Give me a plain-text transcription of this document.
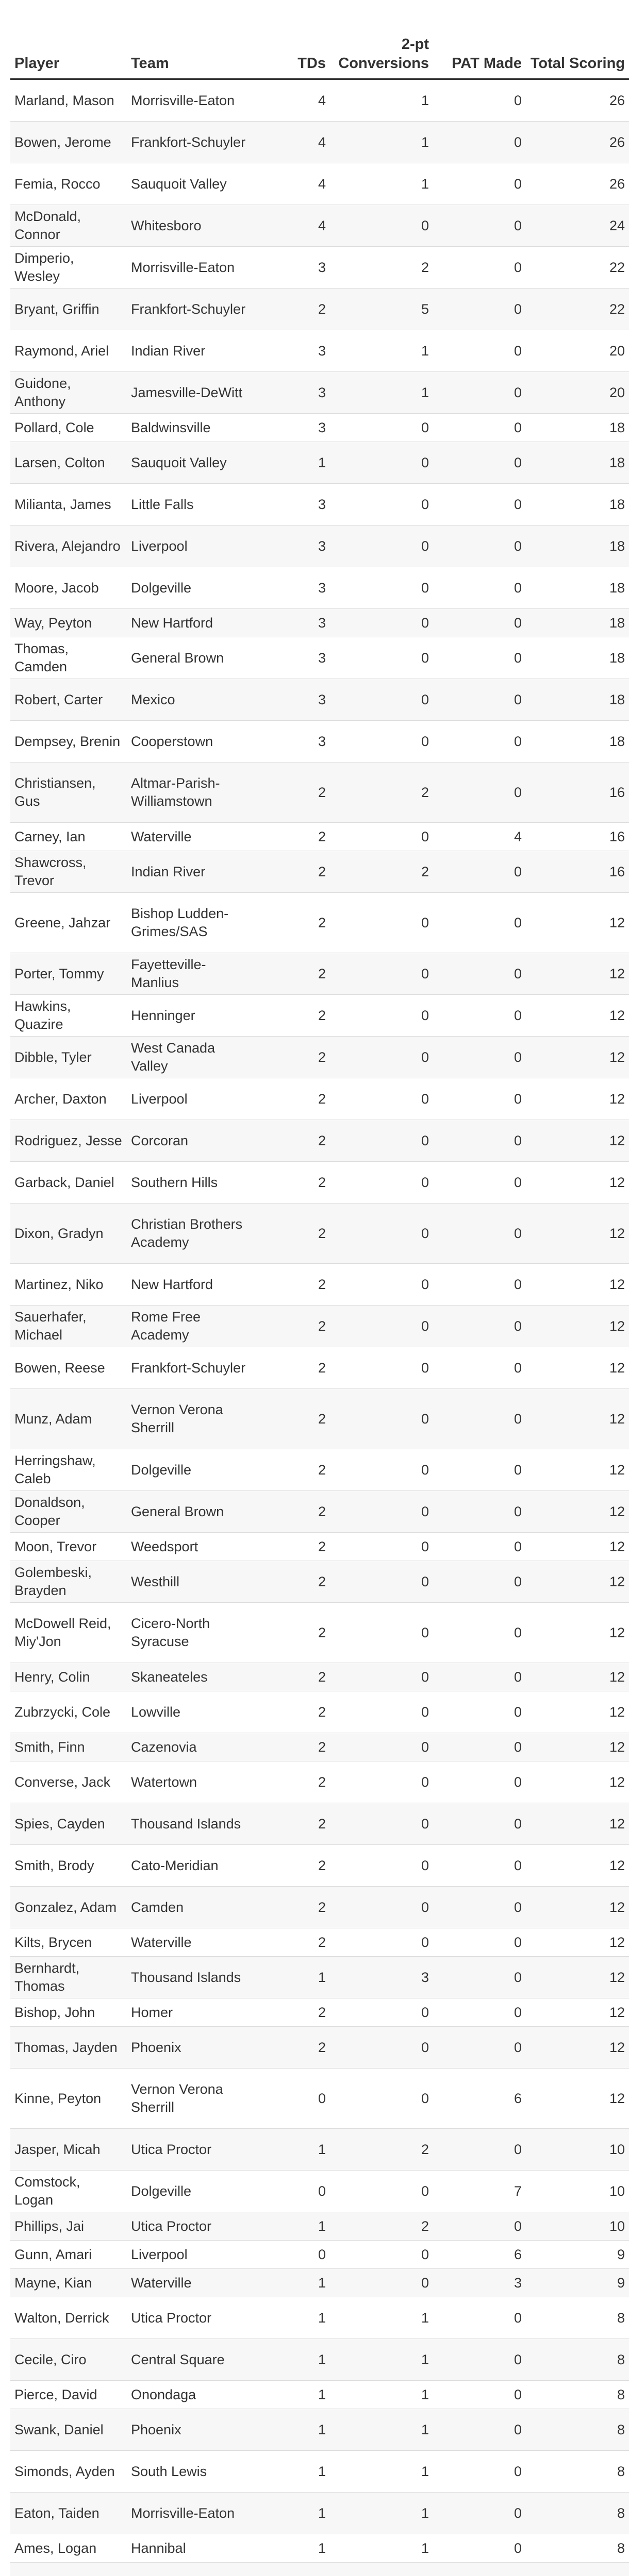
Player	Team	TDs	2-pt Conversions	PAT Made	Total Scoring
Marland, Mason	Morrisville-Eaton	4	1	0	26
Bowen, Jerome	Frankfort-Schuyler	4	1	0	26
Femia, Rocco	Sauquoit Valley	4	1	0	26
McDonald, Connor	Whitesboro	4	0	0	24
Dimperio, Wesley	Morrisville-Eaton	3	2	0	22
Bryant, Griffin	Frankfort-Schuyler	2	5	0	22
Raymond, Ariel	Indian River	3	1	0	20
Guidone, Anthony	Jamesville-DeWitt	3	1	0	20
Pollard, Cole	Baldwinsville	3	0	0	18
Larsen, Colton	Sauquoit Valley	1	0	0	18
Milianta, James	Little Falls	3	0	0	18
Rivera, Alejandro	Liverpool	3	0	0	18
Moore, Jacob	Dolgeville	3	0	0	18
Way, Peyton	New Hartford	3	0	0	18
Thomas, Camden	General Brown	3	0	0	18
Robert, Carter	Mexico	3	0	0	18
Dempsey, Brenin	Cooperstown	3	0	0	18
Christiansen, Gus	Altmar-Parish-Williamstown	2	2	0	16
Carney, Ian	Waterville	2	0	4	16
Shawcross, Trevor	Indian River	2	2	0	16
Greene, Jahzar	Bishop Ludden-Grimes/SAS	2	0	0	12
Porter, Tommy	Fayetteville-Manlius	2	0	0	12
Hawkins, Quazire	Henninger	2	0	0	12
Dibble, Tyler	West Canada Valley	2	0	0	12
Archer, Daxton	Liverpool	2	0	0	12
Rodriguez, Jesse	Corcoran	2	0	0	12
Garback, Daniel	Southern Hills	2	0	0	12
Dixon, Gradyn	Christian Brothers Academy	2	0	0	12
Martinez, Niko	New Hartford	2	0	0	12
Sauerhafer, Michael	Rome Free Academy	2	0	0	12
Bowen, Reese	Frankfort-Schuyler	2	0	0	12
Munz, Adam	Vernon Verona Sherrill	2	0	0	12
Herringshaw, Caleb	Dolgeville	2	0	0	12
Donaldson, Cooper	General Brown	2	0	0	12
Moon, Trevor	Weedsport	2	0	0	12
Golembeski, Brayden	Westhill	2	0	0	12
McDowell Reid, Miy'Jon	Cicero-North Syracuse	2	0	0	12
Henry, Colin	Skaneateles	2	0	0	12
Zubrzycki, Cole	Lowville	2	0	0	12
Smith, Finn	Cazenovia	2	0	0	12
Converse, Jack	Watertown	2	0	0	12
Spies, Cayden	Thousand Islands	2	0	0	12
Smith, Brody	Cato-Meridian	2	0	0	12
Gonzalez, Adam	Camden	2	0	0	12
Kilts, Brycen	Waterville	2	0	0	12
Bernhardt, Thomas	Thousand Islands	1	3	0	12
Bishop, John	Homer	2	0	0	12
Thomas, Jayden	Phoenix	2	0	0	12
Kinne, Peyton	Vernon Verona Sherrill	0	0	6	12
Jasper, Micah	Utica Proctor	1	2	0	10
Comstock, Logan	Dolgeville	0	0	7	10
Phillips, Jai	Utica Proctor	1	2	0	10
Gunn, Amari	Liverpool	0	0	6	9
Mayne, Kian	Waterville	1	0	3	9
Walton, Derrick	Utica Proctor	1	1	0	8
Cecile, Ciro	Central Square	1	1	0	8
Pierce, David	Onondaga	1	1	0	8
Swank, Daniel	Phoenix	1	1	0	8
Simonds, Ayden	South Lewis	1	1	0	8
Eaton, Taiden	Morrisville-Eaton	1	1	0	8
Ames, Logan	Hannibal	1	1	0	8
